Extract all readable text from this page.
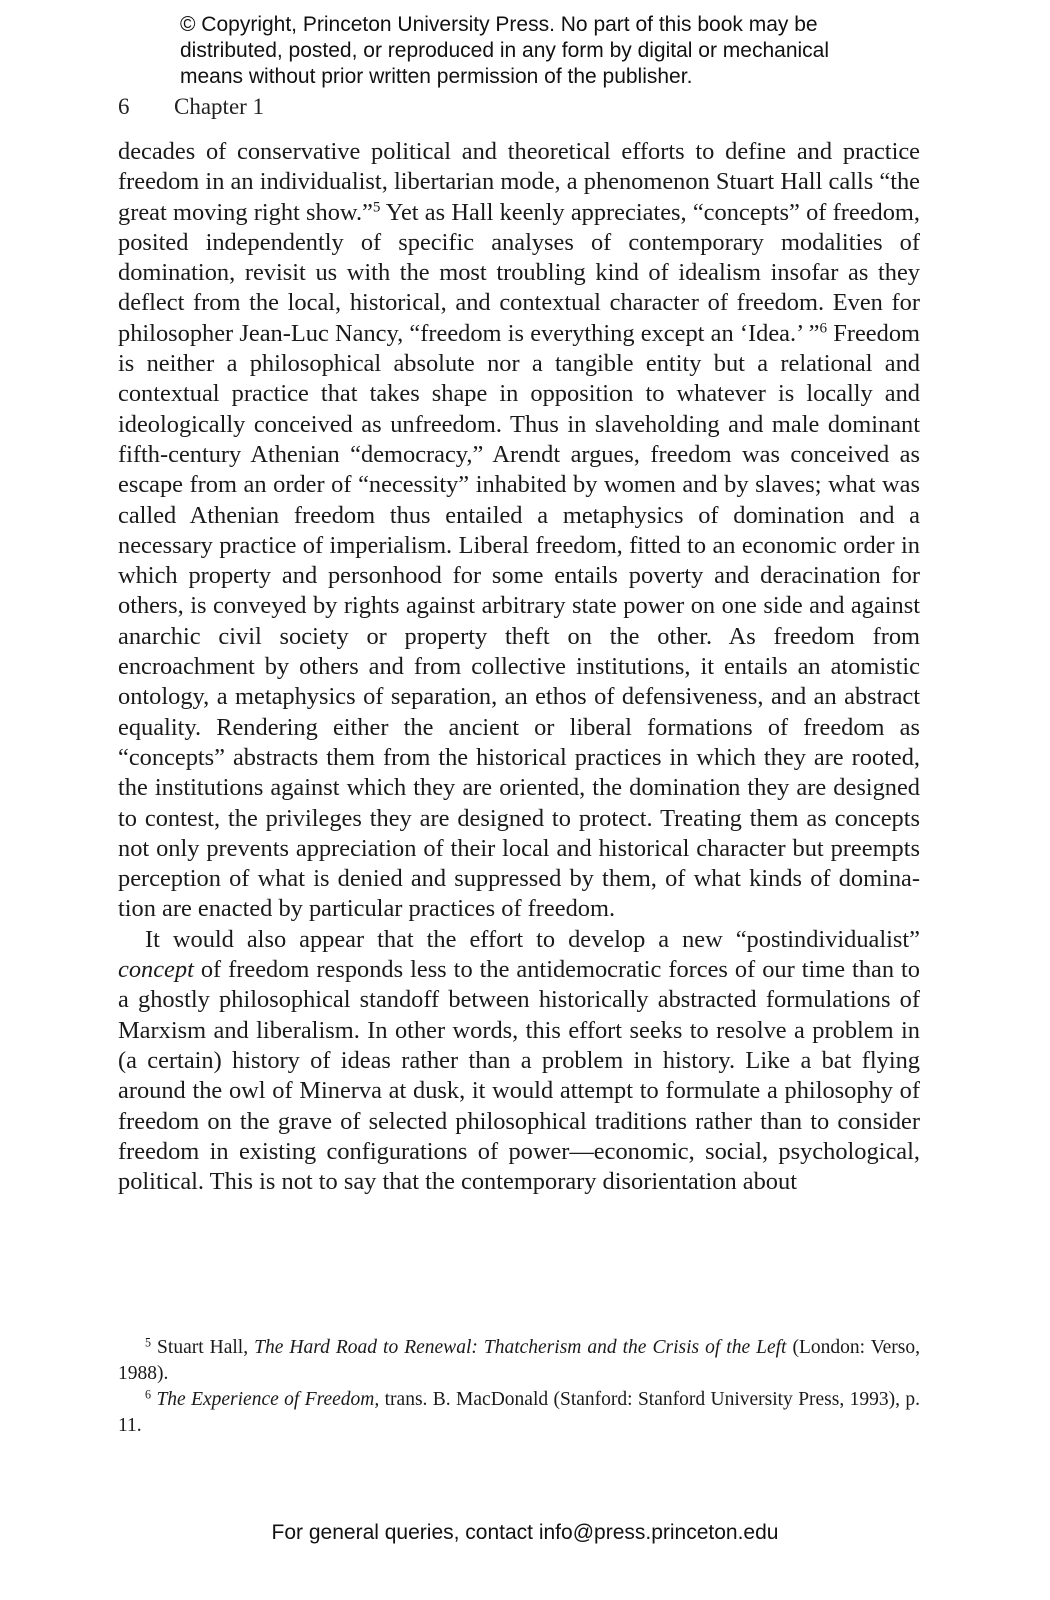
© Copyright, Princeton University Press. No part of this book may be
distributed, posted, or reproduced in any form by digital or mechanical
means without prior written permission of the publisher.
6 Chapter 1

decades of conservative political and theoretical efforts to define and practice freedom in an individualist, libertarian mode, a phenomenon Stuart Hall calls “the great moving right show.”$^5$ Yet as Hall keenly appreciates, “concepts” of freedom, posited independently of specific analyses of contemporary modalities of domination, revisit us with the most troubling kind of idealism insofar as they deflect from the local, historical, and contextual character of freedom. Even for philosopher Jean-Luc Nancy, “freedom is everything except an ‘Idea.’ ”$^6$ Freedom is neither a philosophical absolute nor a tangible entity but a relational and contextual practice that takes shape in opposition to whatever is locally and ideologically conceived as unfreedom. Thus in slaveholding and male dominant fifth-century Athenian “democracy,” Arendt argues, freedom was conceived as escape from an order of “necessity” inhabited by women and by slaves; what was called Athenian freedom thus entailed a metaphysics of domination and a necessary practice of imperialism. Liberal freedom, fitted to an economic order in which property and personhood for some entails poverty and deracination for others, is conveyed by rights against arbitrary state power on one side and against anarchic civil society or property theft on the other. As freedom from encroachment by others and from collective institutions, it entails an atomistic ontology, a metaphysics of separation, an ethos of defensiveness, and an abstract equality. Rendering either the ancient or liberal formations of freedom as “concepts” abstracts them from the historical practices in which they are rooted, the institutions against which they are oriented, the domination they are designed to contest, the privileges they are designed to protect. Treating them as concepts not only prevents appreciation of their local and historical character but preempts perception of what is denied and suppressed by them, of what kinds of domination are enacted by particular practices of freedom.

It would also appear that the effort to develop a new “postindividualist” concept of freedom responds less to the antidemocratic forces of our time than to a ghostly philosophical standoff between historically abstracted formulations of Marxism and liberalism. In other words, this effort seeks to resolve a problem in (a certain) history of ideas rather than a problem in history. Like a bat flying around the owl of Minerva at dusk, it would attempt to formulate a philosophy of freedom on the grave of selected philosophical traditions rather than to consider freedom in existing configurations of power—economic, social, psychological, political. This is not to say that the contemporary disorientation about

$^5$ Stuart Hall, The Hard Road to Renewal: Thatcherism and the Crisis of the Left (London: Verso, 1988).

$^6$ The Experience of Freedom, trans. B. MacDonald (Stanford: Stanford University Press, 1993), p. 11.

For general queries, contact info@press.princeton.edu
